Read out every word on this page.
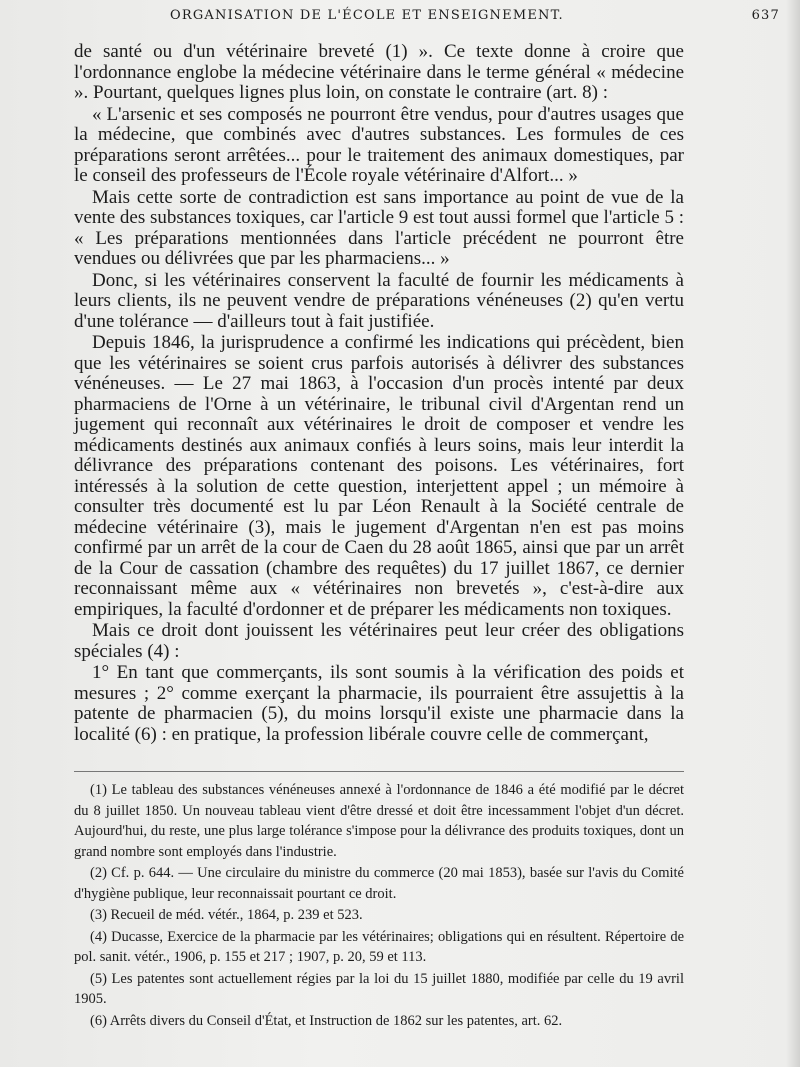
ORGANISATION DE L'ÉCOLE ET ENSEIGNEMENT.	637

de santé ou d'un vétérinaire breveté (1) ». Ce texte donne à croire que l'ordonnance englobe la médecine vétérinaire dans le terme général « médecine ». Pourtant, quelques lignes plus loin, on constate le contraire (art. 8) :

« L'arsenic et ses composés ne pourront être vendus, pour d'autres usages que la médecine, que combinés avec d'autres substances. Les formules de ces préparations seront arrêtées... pour le traitement des animaux domestiques, par le conseil des professeurs de l'École royale vétérinaire d'Alfort... »

Mais cette sorte de contradiction est sans importance au point de vue de la vente des substances toxiques, car l'article 9 est tout aussi formel que l'article 5 : « Les préparations mentionnées dans l'article précédent ne pourront être vendues ou délivrées que par les pharmaciens... »

Donc, si les vétérinaires conservent la faculté de fournir les médicaments à leurs clients, ils ne peuvent vendre de préparations vénéneuses (2) qu'en vertu d'une tolérance — d'ailleurs tout à fait justifiée.

Depuis 1846, la jurisprudence a confirmé les indications qui précèdent, bien que les vétérinaires se soient crus parfois autorisés à délivrer des substances vénéneuses. — Le 27 mai 1863, à l'occasion d'un procès intenté par deux pharmaciens de l'Orne à un vétérinaire, le tribunal civil d'Argentan rend un jugement qui reconnaît aux vétérinaires le droit de composer et vendre les médicaments destinés aux animaux confiés à leurs soins, mais leur interdit la délivrance des préparations contenant des poisons. Les vétérinaires, fort intéressés à la solution de cette question, interjettent appel ; un mémoire à consulter très documenté est lu par Léon Renault à la Société centrale de médecine vétérinaire (3), mais le jugement d'Argentan n'en est pas moins confirmé par un arrêt de la cour de Caen du 28 août 1865, ainsi que par un arrêt de la Cour de cassation (chambre des requêtes) du 17 juillet 1867, ce dernier reconnaissant même aux « vétérinaires non brevetés », c'est-à-dire aux empiriques, la faculté d'ordonner et de préparer les médicaments non toxiques.

Mais ce droit dont jouissent les vétérinaires peut leur créer des obligations spéciales (4) :

1° En tant que commerçants, ils sont soumis à la vérification des poids et mesures ; 2° comme exerçant la pharmacie, ils pourraient être assujettis à la patente de pharmacien (5), du moins lorsqu'il existe une pharmacie dans la localité (6) : en pratique, la profession libérale couvre celle de commerçant,

(1) Le tableau des substances vénéneuses annexé à l'ordonnance de 1846 a été modifié par le décret du 8 juillet 1850. Un nouveau tableau vient d'être dressé et doit être incessamment l'objet d'un décret. Aujourd'hui, du reste, une plus large tolérance s'impose pour la délivrance des produits toxiques, dont un grand nombre sont employés dans l'industrie.

(2) Cf. p. 644. — Une circulaire du ministre du commerce (20 mai 1853), basée sur l'avis du Comité d'hygiène publique, leur reconnaissait pourtant ce droit.

(3) Recueil de méd. vétér., 1864, p. 239 et 523.

(4) Ducasse, Exercice de la pharmacie par les vétérinaires; obligations qui en résultent. Répertoire de pol. sanit. vétér., 1906, p. 155 et 217 ; 1907, p. 20, 59 et 113.

(5) Les patentes sont actuellement régies par la loi du 15 juillet 1880, modifiée par celle du 19 avril 1905.

(6) Arrêts divers du Conseil d'État, et Instruction de 1862 sur les patentes, art. 62.
